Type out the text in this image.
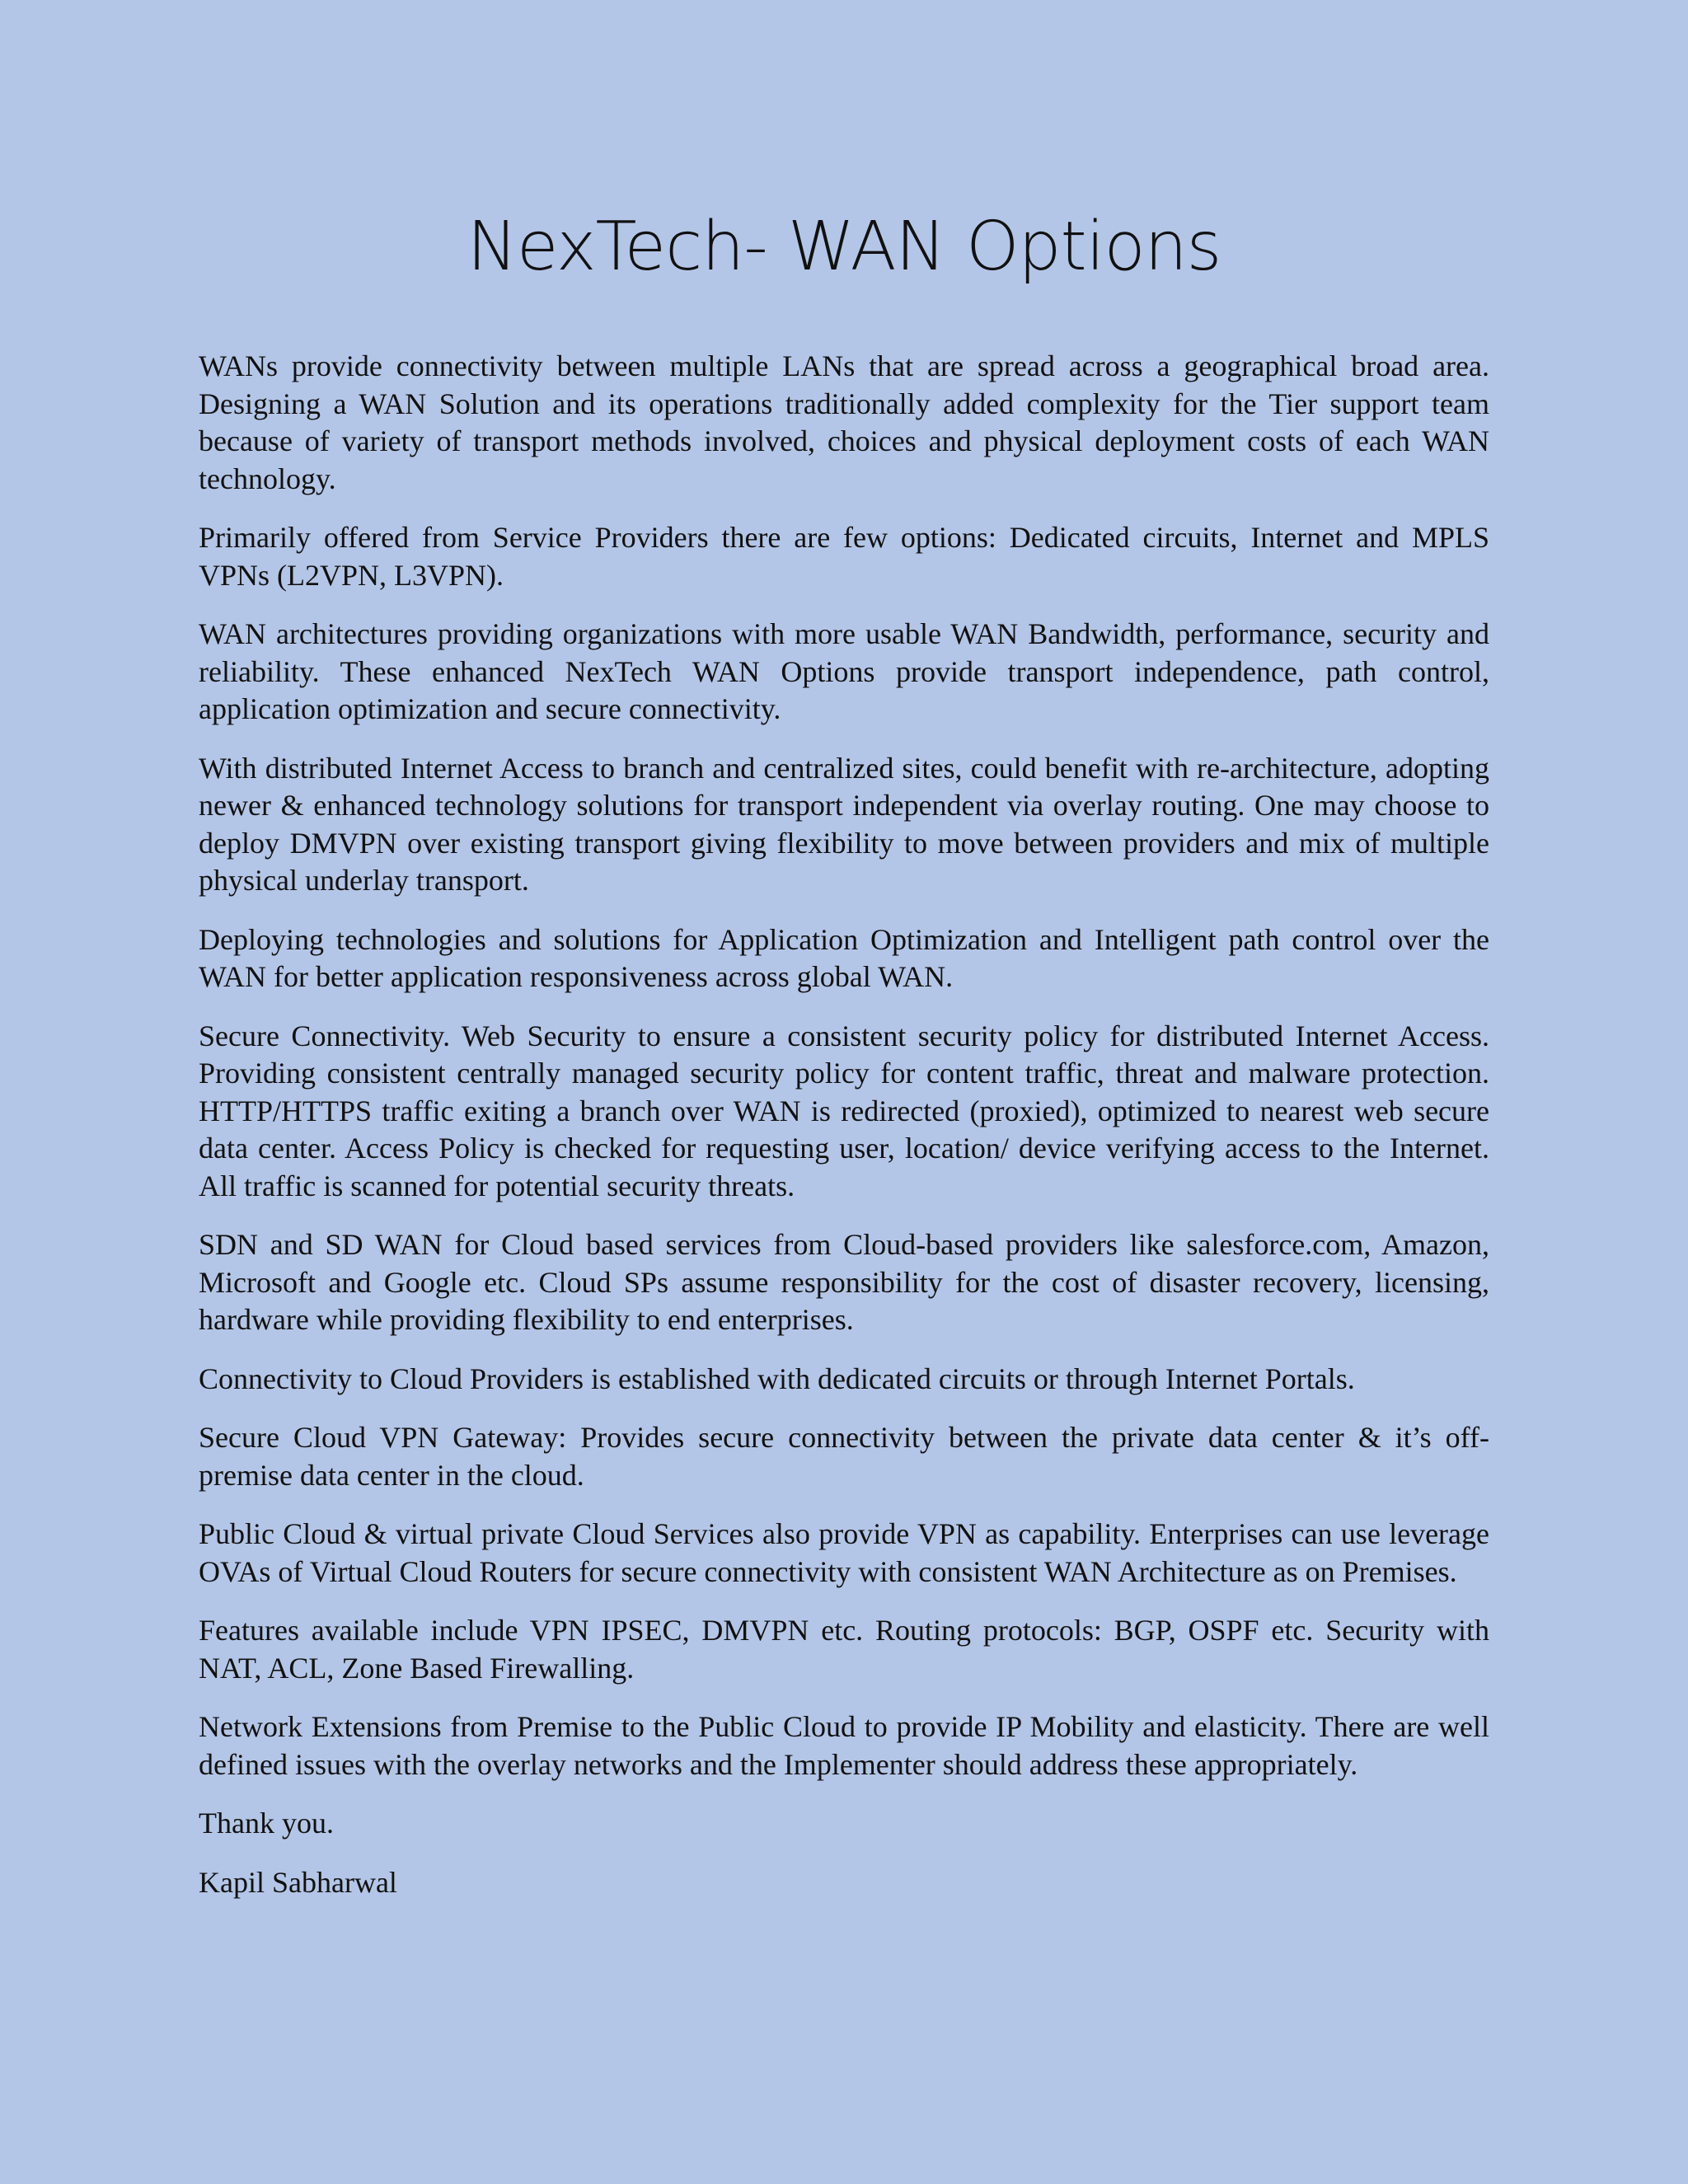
NexTech- WAN Options

WANs provide connectivity between multiple LANs that are spread across a geographical broad area. Designing a WAN Solution and its operations traditionally added complexity for the Tier support team because of variety of transport methods involved, choices and physical deployment costs of each WAN technology.

Primarily offered from Service Providers there are few options: Dedicated circuits, Internet and MPLS VPNs (L2VPN, L3VPN).

WAN architectures providing organizations with more usable WAN Bandwidth, performance, security and reliability. These enhanced NexTech WAN Options provide transport independence, path control, application optimization and secure connectivity.

With distributed Internet Access to branch and centralized sites, could benefit with re-architecture, adopting newer & enhanced technology solutions for transport independent via overlay routing. One may choose to deploy DMVPN over existing transport giving flexibility to move between providers and mix of multiple physical underlay transport.

Deploying technologies and solutions for Application Optimization and Intelligent path control over the WAN for better application responsiveness across global WAN.

Secure Connectivity. Web Security to ensure a consistent security policy for distributed Internet Access. Providing consistent centrally managed security policy for content traffic, threat and malware protection. HTTP/HTTPS traffic exiting a branch over WAN is redirected (proxied), optimized to nearest web secure data center. Access Policy is checked for requesting user, location/ device verifying access to the Internet. All traffic is scanned for potential security threats.

SDN and SD WAN for Cloud based services from Cloud-based providers like salesforce.com, Amazon, Microsoft and Google etc. Cloud SPs assume responsibility for the cost of disaster recovery, licensing, hardware while providing flexibility to end enterprises.

Connectivity to Cloud Providers is established with dedicated circuits or through Internet Portals.

Secure Cloud VPN Gateway: Provides secure connectivity between the private data center & it’s off-premise data center in the cloud.

Public Cloud & virtual private Cloud Services also provide VPN as capability. Enterprises can use leverage OVAs of Virtual Cloud Routers for secure connectivity with consistent WAN Architecture as on Premises.

Features available include VPN IPSEC, DMVPN etc. Routing protocols: BGP, OSPF etc. Security with NAT, ACL, Zone Based Firewalling.

Network Extensions from Premise to the Public Cloud to provide IP Mobility and elasticity. There are well defined issues with the overlay networks and the Implementer should address these appropriately.

Thank you.

Kapil Sabharwal
